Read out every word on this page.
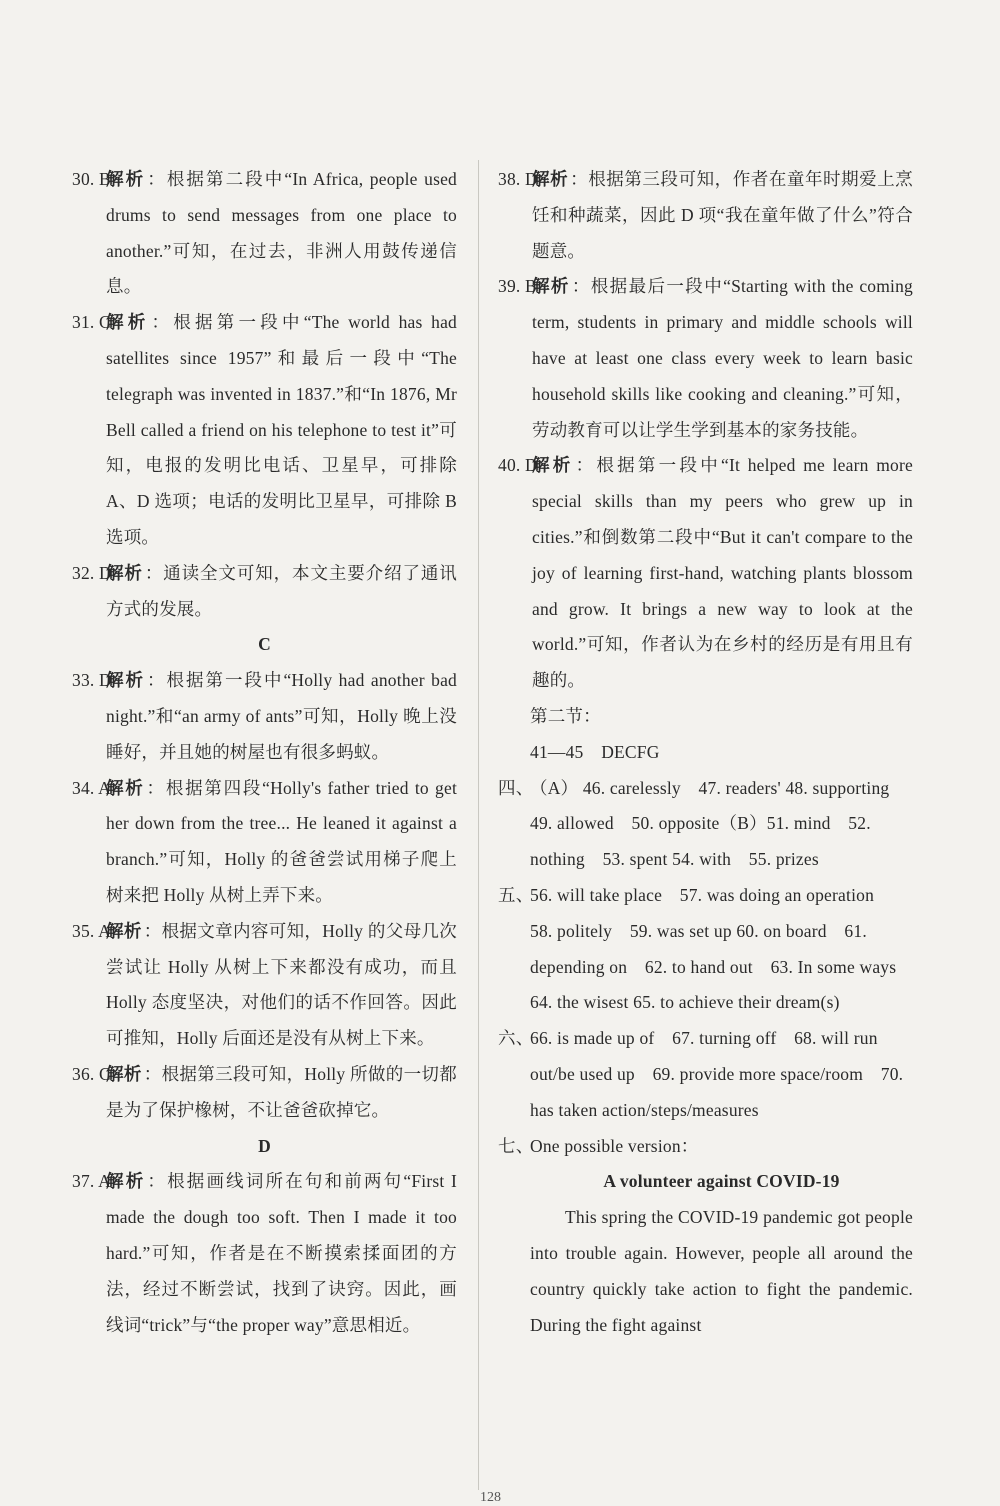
30. B
解析 ：根据第二段中“In Africa, people used drums to send messages from one place to another.”可知，在过去，非洲人用鼓传递信息。
31. C
解析 ：根据第一段中“The world has had satellites since 1957”和最后一段中“The telegraph was invented in 1837.”和“In 1876, Mr Bell called a friend on his telephone to test it”可知，电报的发明比电话、卫星早，可排除 A、D 选项；电话的发明比卫星早，可排除 B 选项。
32. D
解析 ：通读全文可知，本文主要介绍了通讯方式的发展。
C
33. D
解析 ：根据第一段中“Holly had another bad night.”和“an army of ants”可知，Holly 晚上没睡好，并且她的树屋也有很多蚂蚁。
34. A
解析 ：根据第四段“Holly's father tried to get her down from the tree... He leaned it against a branch.”可知，Holly 的爸爸尝试用梯子爬上树来把 Holly 从树上弄下来。
35. A
解析 ：根据文章内容可知，Holly 的父母几次尝试让 Holly 从树上下来都没有成功，而且 Holly 态度坚决，对他们的话不作回答。因此可推知，Holly 后面还是没有从树上下来。
36. C
解析 ：根据第三段可知，Holly 所做的一切都是为了保护橡树，不让爸爸砍掉它。
D
37. A
解析 ：根据画线词所在句和前两句“First I made the dough too soft. Then I made it too hard.”可知，作者是在不断摸索揉面团的方法，经过不断尝试，找到了诀窍。因此，画线词“trick”与“the proper way”意思相近。
38. D
解析 ：根据第三段可知，作者在童年时期爱上烹饪和种蔬菜，因此 D 项“我在童年做了什么”符合题意。
39. B
解析 ：根据最后一段中“Starting with the coming term, students in primary and middle schools will have at least one class every week to learn basic household skills like cooking and cleaning.”可知，劳动教育可以让学生学到基本的家务技能。
40. D
解析 ：根据第一段中“It helped me learn more special skills than my peers who grew up in cities.”和倒数第二段中“But it can't compare to the joy of learning first-hand, watching plants blossom and grow. It brings a new way to look at the world.”可知，作者认为在乡村的经历是有用且有趣的。
第二节：
41—45　DECFG
四、
（A） 46. carelessly　47. readers' 48. supporting　49. allowed　50. opposite（B）51. mind　52. nothing　53. spent 54. with　55. prizes
五、
56. will take place　57. was doing an operation　58. politely　59. was set up 60. on board　61. depending on　62. to hand out　63. In some ways　64. the wisest 65. to achieve their dream(s)
六、
66. is made up of　67. turning off　68. will run out/be used up　69. provide more space/room　70. has taken action/steps/measures
七、
One possible version：
A volunteer against COVID-19
This spring the COVID-19 pandemic got people into trouble again. However, people all around the country quickly take action to fight the pandemic. During the fight against
128
